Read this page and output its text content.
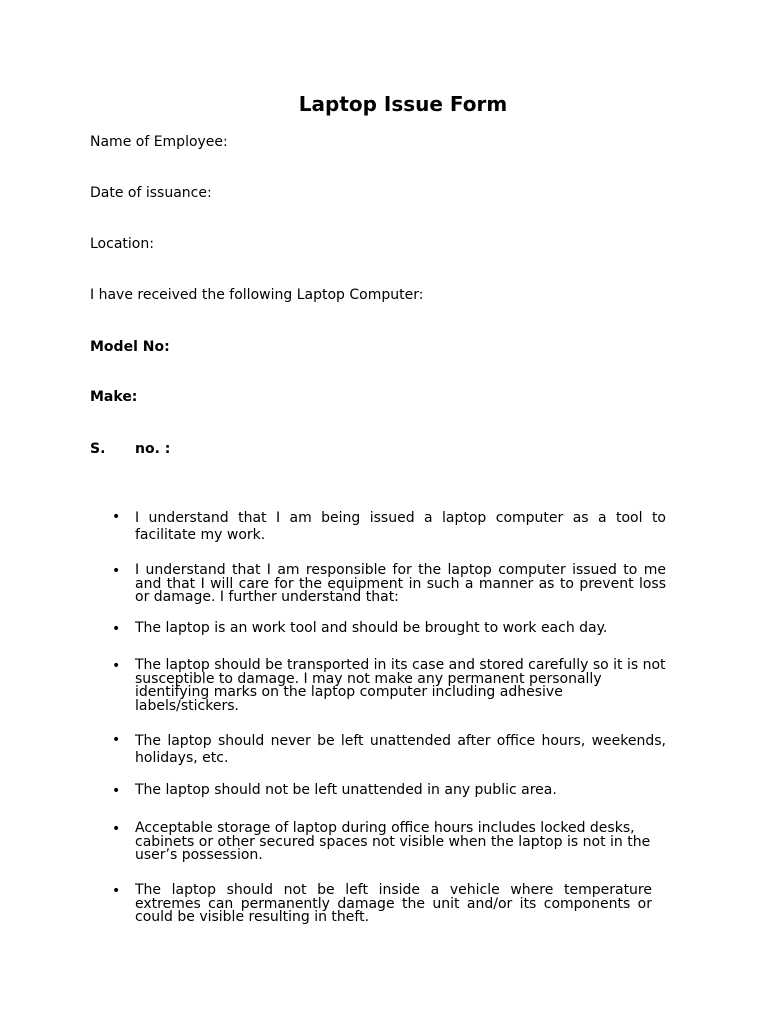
Laptop Issue Form

Name of Employee:

Date of issuance:

Location:

I have received the following Laptop Computer:

Model No:

Make:

S. no. :
• I understand that I am being issued a laptop computer as a tool to facilitate my work.

• I understand that I am responsible for the laptop computer issued to me and that I will care for the equipment in such a manner as to prevent loss or damage. I further understand that:

• The laptop is an work tool and should be brought to work each day.

• The laptop should be transported in its case and stored carefully so it is not susceptible to damage. I may not make any permanent personally identifying marks on the laptop computer including adhesive labels/stickers.

• The laptop should never be left unattended after office hours, weekends, holidays, etc.

• The laptop should not be left unattended in any public area.

• Acceptable storage of laptop during office hours includes locked desks, cabinets or other secured spaces not visible when the laptop is not in the user’s possession.

• The laptop should not be left inside a vehicle where temperature extremes can permanently damage the unit and/or its components or could be visible resulting in theft.
